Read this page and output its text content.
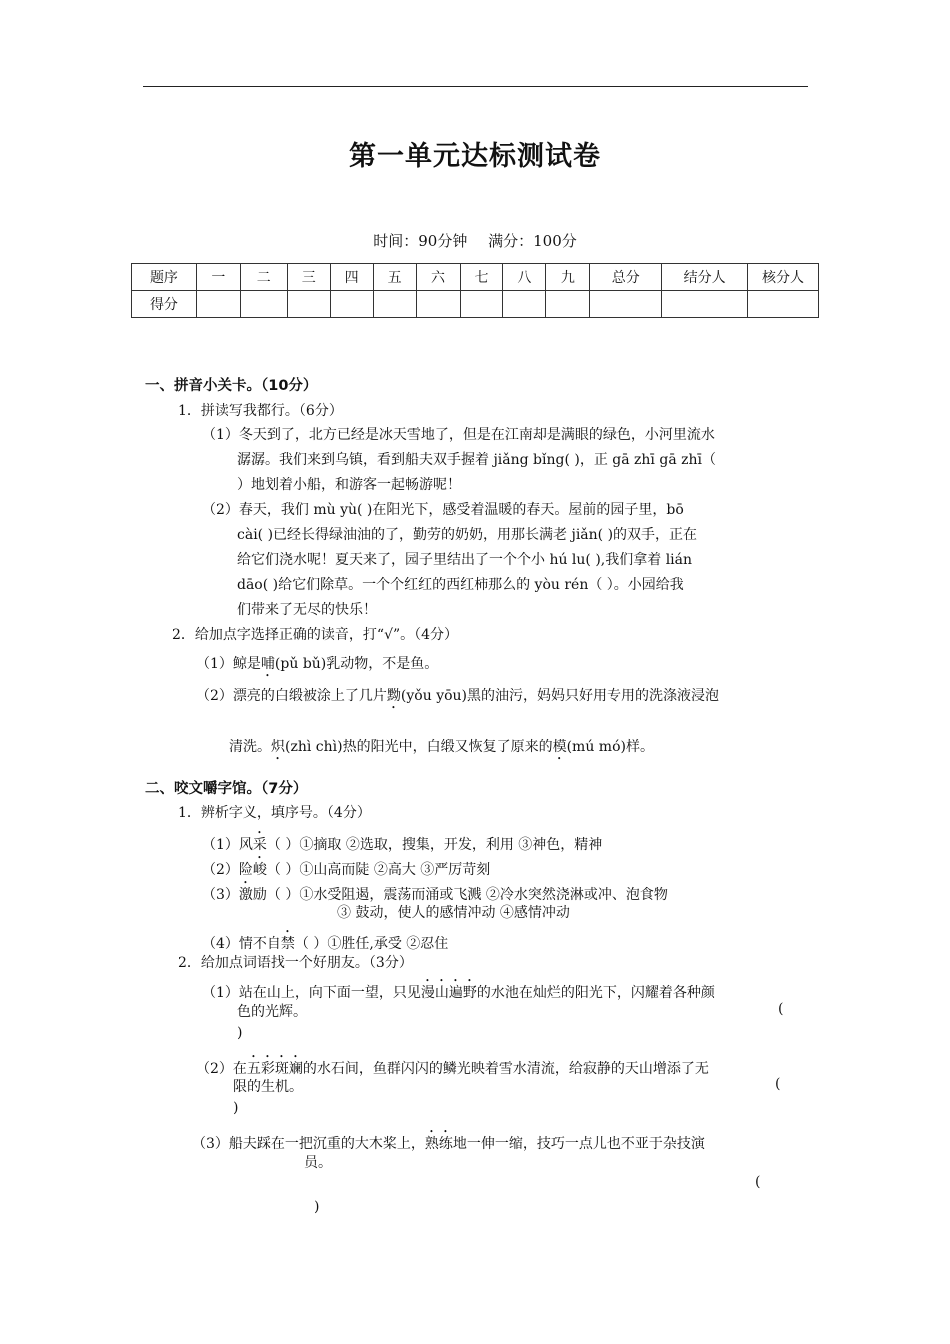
第一单元达标测试卷
时间：90分钟 满分：100分
题序	一	二	三	四	五	六	七	八	九	总分	结分人	核分人
得分												
一、拼音小关卡。（10分）
1．拼读写我都行。（6分）
（1）冬天到了，北方已经是冰天雪地了，但是在江南却是满眼的绿色，小河里流水
潺潺。我们来到乌镇，看到船夫双手握着 jiǎng bǐng( )，正 gā zhī gā zhī（
）地划着小船，和游客一起畅游呢！
（2）春天，我们 mù yù( )在阳光下，感受着温暖的春天。屋前的园子里，bō
cài( )已经长得绿油油的了，勤劳的奶奶，用那长满老 jiǎn( )的双手，正在
给它们浇水呢！夏天来了，园子里结出了一个个小 hú lu( ),我们拿着 lián
dāo( )给它们除草。一个个红红的西红柿那么的 yòu rén（ ）。小园给我
们带来了无尽的快乐！
2．给加点字选择正确的读音，打“√”。（4分）
（1）鲸是哺(pǔ bǔ)乳动物，不是鱼。
（2）漂亮的白缎被涂上了几片黝(yǒu yōu)黑的油污，妈妈只好用专用的洗涤液浸泡
清洗。炽(zhì chì)热的阳光中，白缎又恢复了原来的模(mú mó)样。
二、咬文嚼字馆。（7分）
1．辨析字义，填序号。（4分）
（1）风采（ ）①摘取 ②选取，搜集，开发，利用 ③神色，精神
（2）险峻（ ）①山高而陡 ②高大 ③严厉苛刻
（3）激励（ ）①水受阻遏，震荡而涌或飞溅 ②冷水突然浇淋或冲、泡食物
③ 鼓动，使人的感情冲动 ④感情冲动
（4）情不自禁（ ）①胜任,承受 ②忍住
2．给加点词语找一个好朋友。（3分）
（1）站在山上，向下面一望，只见漫山遍野的水池在灿烂的阳光下，闪耀着各种颜
色的光辉。	(
)
（2）在五彩斑斓的水石间，鱼群闪闪的鳞光映着雪水清流，给寂静的天山增添了无
限的生机。	(
)
（3）船夫踩在一把沉重的大木桨上，熟练地一伸一缩，技巧一点儿也不亚于杂技演
员。
(
)
